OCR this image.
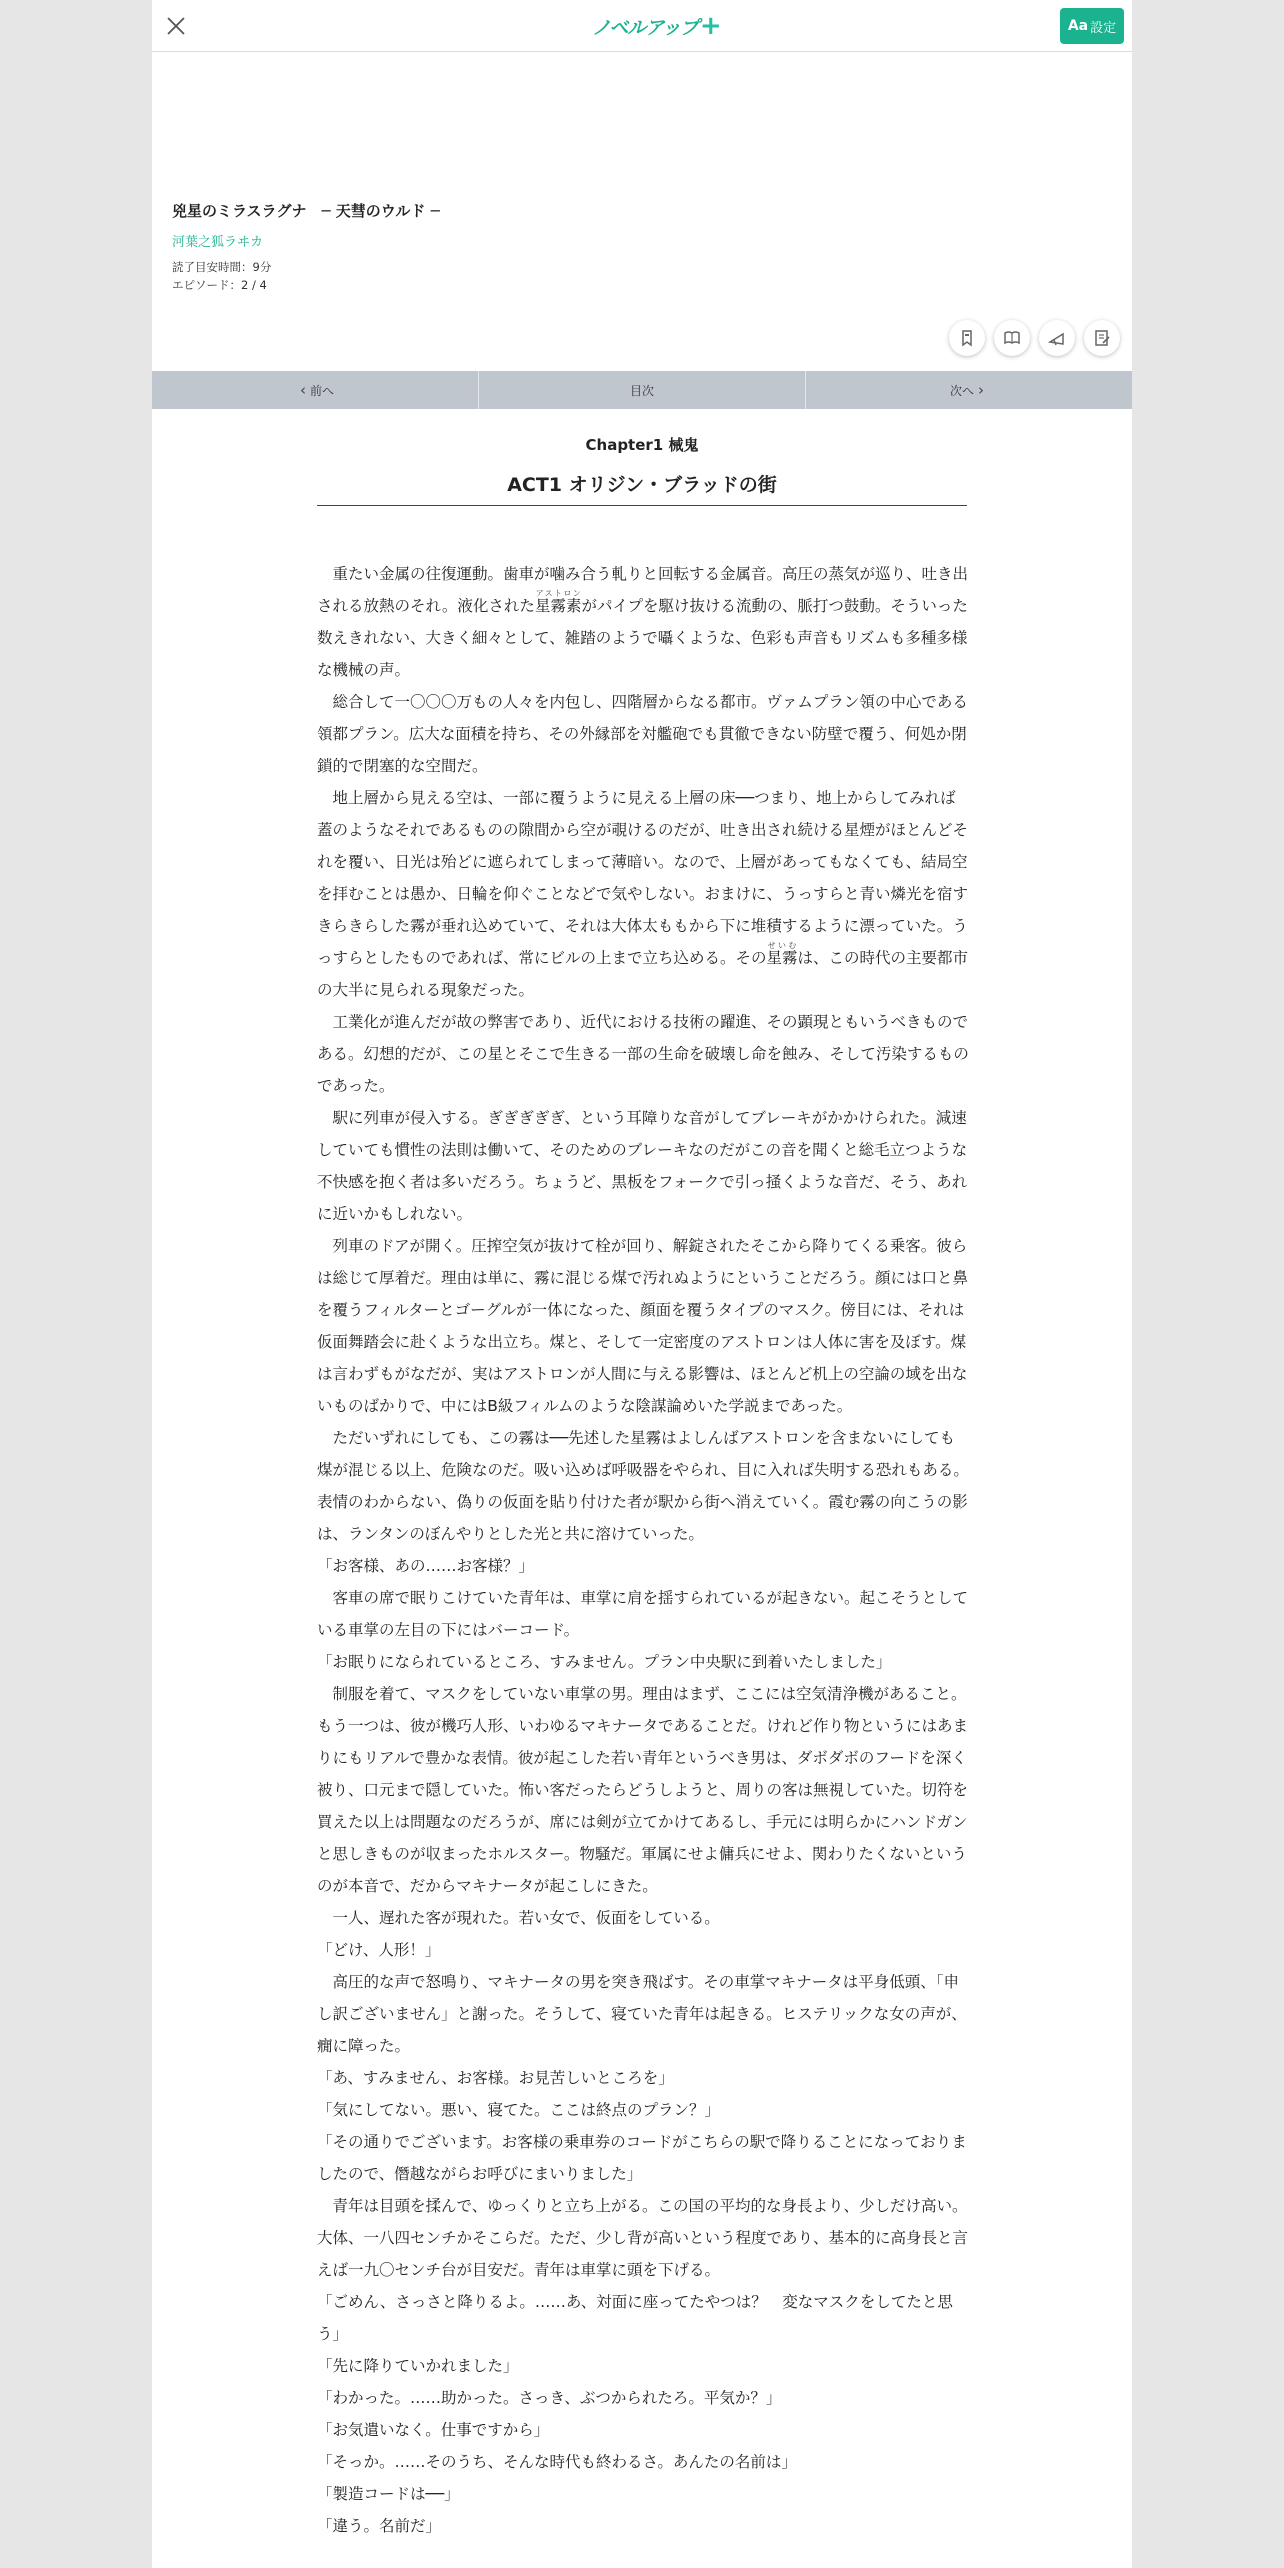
ノベルアップ +	Aa 設定
兇星のミラスラグナ　─ 天彗のウルド ─
河葉之狐ラヰカ
読了目安時間：9分
エピソード：2 / 4
‹ 前へ	目次	次へ ›
Chapter1 械鬼
ACT1 オリジン・ブラッドの街

　重たい金属の往復運動。歯車が噛み合う軋りと回転する金属音。高圧の蒸気が巡り、吐き出される放熱のそれ。液化された星霧素アストロンがパイプを駆け抜ける流動の、脈打つ鼓動。そういった数えきれない、大きく細々として、雑踏のようで囁くような、色彩も声音もリズムも多種多様な機械の声。

　総合して一〇〇〇万もの人々を内包し、四階層からなる都市。ヴァムプラン領の中心である領都プラン。広大な面積を持ち、その外縁部を対艦砲でも貫徹できない防壁で覆う、何処か閉鎖的で閉塞的な空間だ。

　地上層から見える空は、一部に覆うように見える上層の床──つまり、地上からしてみれば蓋のようなそれであるものの隙間から空が覗けるのだが、吐き出され続ける星煙がほとんどそれを覆い、日光は殆どに遮られてしまって薄暗い。なので、上層があってもなくても、結局空を拝むことは愚か、日輪を仰ぐことなどで気やしない。おまけに、うっすらと青い燐光を宿すきらきらした霧が垂れ込めていて、それは大体太ももから下に堆積するように漂っていた。うっすらとしたものであれば、常にビルの上まで立ち込める。その星霧せいむは、この時代の主要都市の大半に見られる現象だった。

　工業化が進んだが故の弊害であり、近代における技術の躍進、その顕現ともいうべきものである。幻想的だが、この星とそこで生きる一部の生命を破壊し命を蝕み、そして汚染するものであった。

　駅に列車が侵入する。ぎぎぎぎぎ、という耳障りな音がしてブレーキがかかけられた。減速していても慣性の法則は働いて、そのためのブレーキなのだがこの音を聞くと総毛立つような不快感を抱く者は多いだろう。ちょうど、黒板をフォークで引っ掻くような音だ、そう、あれに近いかもしれない。

　列車のドアが開く。圧搾空気が抜けて栓が回り、解錠されたそこから降りてくる乗客。彼らは総じて厚着だ。理由は単に、霧に混じる煤で汚れぬようにということだろう。顔には口と鼻を覆うフィルターとゴーグルが一体になった、顔面を覆うタイプのマスク。傍目には、それは仮面舞踏会に赴くような出立ち。煤と、そして一定密度のアストロンは人体に害を及ぼす。煤は言わずもがなだが、実はアストロンが人間に与える影響は、ほとんど机上の空論の域を出ないものばかりで、中にはB級フィルムのような陰謀論めいた学説まであった。

　ただいずれにしても、この霧は──先述した星霧はよしんばアストロンを含まないにしても煤が混じる以上、危険なのだ。吸い込めば呼吸器をやられ、目に入れば失明する恐れもある。表情のわからない、偽りの仮面を貼り付けた者が駅から街へ消えていく。霞む霧の向こうの影は、ランタンのぼんやりとした光と共に溶けていった。

「お客様、あの……お客様？」

　客車の席で眠りこけていた青年は、車掌に肩を揺すられているが起きない。起こそうとしている車掌の左目の下にはバーコード。

「お眠りになられているところ、すみません。プラン中央駅に到着いたしました」

　制服を着て、マスクをしていない車掌の男。理由はまず、ここには空気清浄機があること。もう一つは、彼が機巧人形、いわゆるマキナータであることだ。けれど作り物というにはあまりにもリアルで豊かな表情。彼が起こした若い青年というべき男は、ダボダボのフードを深く被り、口元まで隠していた。怖い客だったらどうしようと、周りの客は無視していた。切符を買えた以上は問題なのだろうが、席には剣が立てかけてあるし、手元には明らかにハンドガンと思しきものが収まったホルスター。物騒だ。軍属にせよ傭兵にせよ、関わりたくないというのが本音で、だからマキナータが起こしにきた。

　一人、遅れた客が現れた。若い女で、仮面をしている。

「どけ、人形！」

　高圧的な声で怒鳴り、マキナータの男を突き飛ばす。その車掌マキナータは平身低頭、「申し訳ございません」と謝った。そうして、寝ていた青年は起きる。ヒステリックな女の声が、癇に障った。

「あ、すみません、お客様。お見苦しいところを」

「気にしてない。悪い、寝てた。ここは終点のプラン？」

「その通りでございます。お客様の乗車券のコードがこちらの駅で降りることになっておりましたので、僭越ながらお呼びにまいりました」

　青年は目頭を揉んで、ゆっくりと立ち上がる。この国の平均的な身長より、少しだけ高い。大体、一八四センチかそこらだ。ただ、少し背が高いという程度であり、基本的に高身長と言えば一九〇センチ台が目安だ。青年は車掌に頭を下げる。

「ごめん、さっさと降りるよ。……あ、対面に座ってたやつは？　変なマスクをしてたと思う」

「先に降りていかれました」

「わかった。……助かった。さっき、ぶつかられたろ。平気か？」

「お気遣いなく。仕事ですから」

「そっか。……そのうち、そんな時代も終わるさ。あんたの名前は」

「製造コードは──」

「違う。名前だ」
